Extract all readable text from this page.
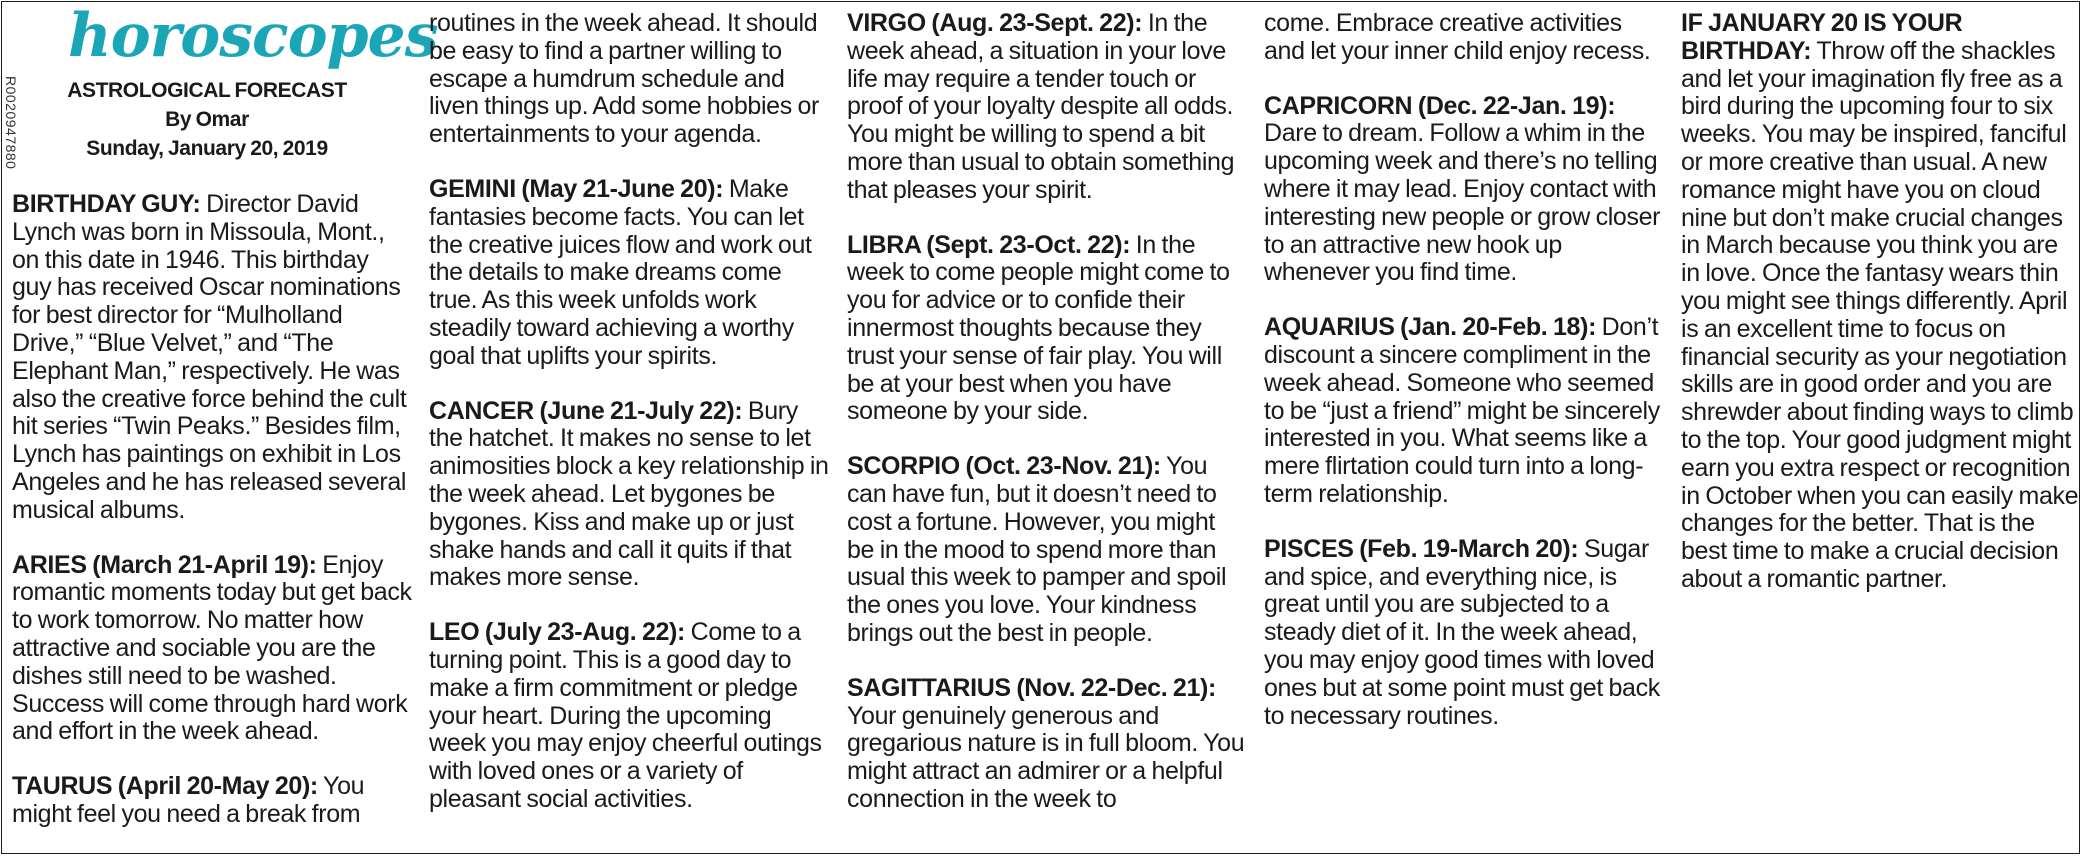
R0020947880
horoscopes
ASTROLOGICAL FORECAST
By Omar
Sunday, January 20, 2019
BIRTHDAY GUY: Director David Lynch was born in Missoula, Mont., on this date in 1946. This birthday guy has received Oscar nominations for best director for “Mulholland Drive,” “Blue Velvet,” and “The Elephant Man,” respectively. He was also the creative force behind the cult hit series “Twin Peaks.” Besides film, Lynch has paintings on exhibit in Los Angeles and he has released several musical albums.
ARIES (March 21-April 19): Enjoy romantic moments today but get back to work tomorrow. No matter how attractive and sociable you are the dishes still need to be washed. Success will come through hard work and effort in the week ahead.
TAURUS (April 20-May 20): You might feel you need a break from
routines in the week ahead. It should be easy to find a partner willing to escape a humdrum schedule and liven things up. Add some hobbies or entertainments to your agenda.
GEMINI (May 21-June 20): Make fantasies become facts. You can let the creative juices flow and work out the details to make dreams come true. As this week unfolds work steadily toward achieving a worthy goal that uplifts your spirits.
CANCER (June 21-July 22): Bury the hatchet. It makes no sense to let animosities block a key relationship in the week ahead. Let bygones be bygones. Kiss and make up or just shake hands and call it quits if that makes more sense.
LEO (July 23-Aug. 22): Come to a turning point. This is a good day to make a firm commitment or pledge your heart. During the upcoming week you may enjoy cheerful outings with loved ones or a variety of pleasant social activities.
VIRGO (Aug. 23-Sept. 22): In the week ahead, a situation in your love life may require a tender touch or proof of your loyalty despite all odds. You might be willing to spend a bit more than usual to obtain something that pleases your spirit.
LIBRA (Sept. 23-Oct. 22): In the week to come people might come to you for advice or to confide their innermost thoughts because they trust your sense of fair play. You will be at your best when you have someone by your side.
SCORPIO (Oct. 23-Nov. 21): You can have fun, but it doesn’t need to cost a fortune. However, you might be in the mood to spend more than usual this week to pamper and spoil the ones you love. Your kindness brings out the best in people.
SAGITTARIUS (Nov. 22-Dec. 21): Your genuinely generous and gregarious nature is in full bloom. You might attract an admirer or a helpful connection in the week to
come. Embrace creative activities and let your inner child enjoy recess.
CAPRICORN (Dec. 22-Jan. 19): Dare to dream. Follow a whim in the upcoming week and there’s no telling where it may lead. Enjoy contact with interesting new people or grow closer to an attractive new hook up whenever you find time.
AQUARIUS (Jan. 20-Feb. 18): Don’t discount a sincere compliment in the week ahead. Someone who seemed to be “just a friend” might be sincerely interested in you. What seems like a mere flirtation could turn into a long-term relationship.
PISCES (Feb. 19-March 20): Sugar and spice, and everything nice, is great until you are subjected to a steady diet of it. In the week ahead, you may enjoy good times with loved ones but at some point must get back to necessary routines.
IF JANUARY 20 IS YOUR BIRTHDAY: Throw off the shackles and let your imagination fly free as a bird during the upcoming four to six weeks. You may be inspired, fanciful or more creative than usual. A new romance might have you on cloud nine but don’t make crucial changes in March because you think you are in love. Once the fantasy wears thin you might see things differently. April is an excellent time to focus on financial security as your negotiation skills are in good order and you are shrewder about finding ways to climb to the top. Your good judgment might earn you extra respect or recognition in October when you can easily make changes for the better. That is the best time to make a crucial decision about a romantic partner.
